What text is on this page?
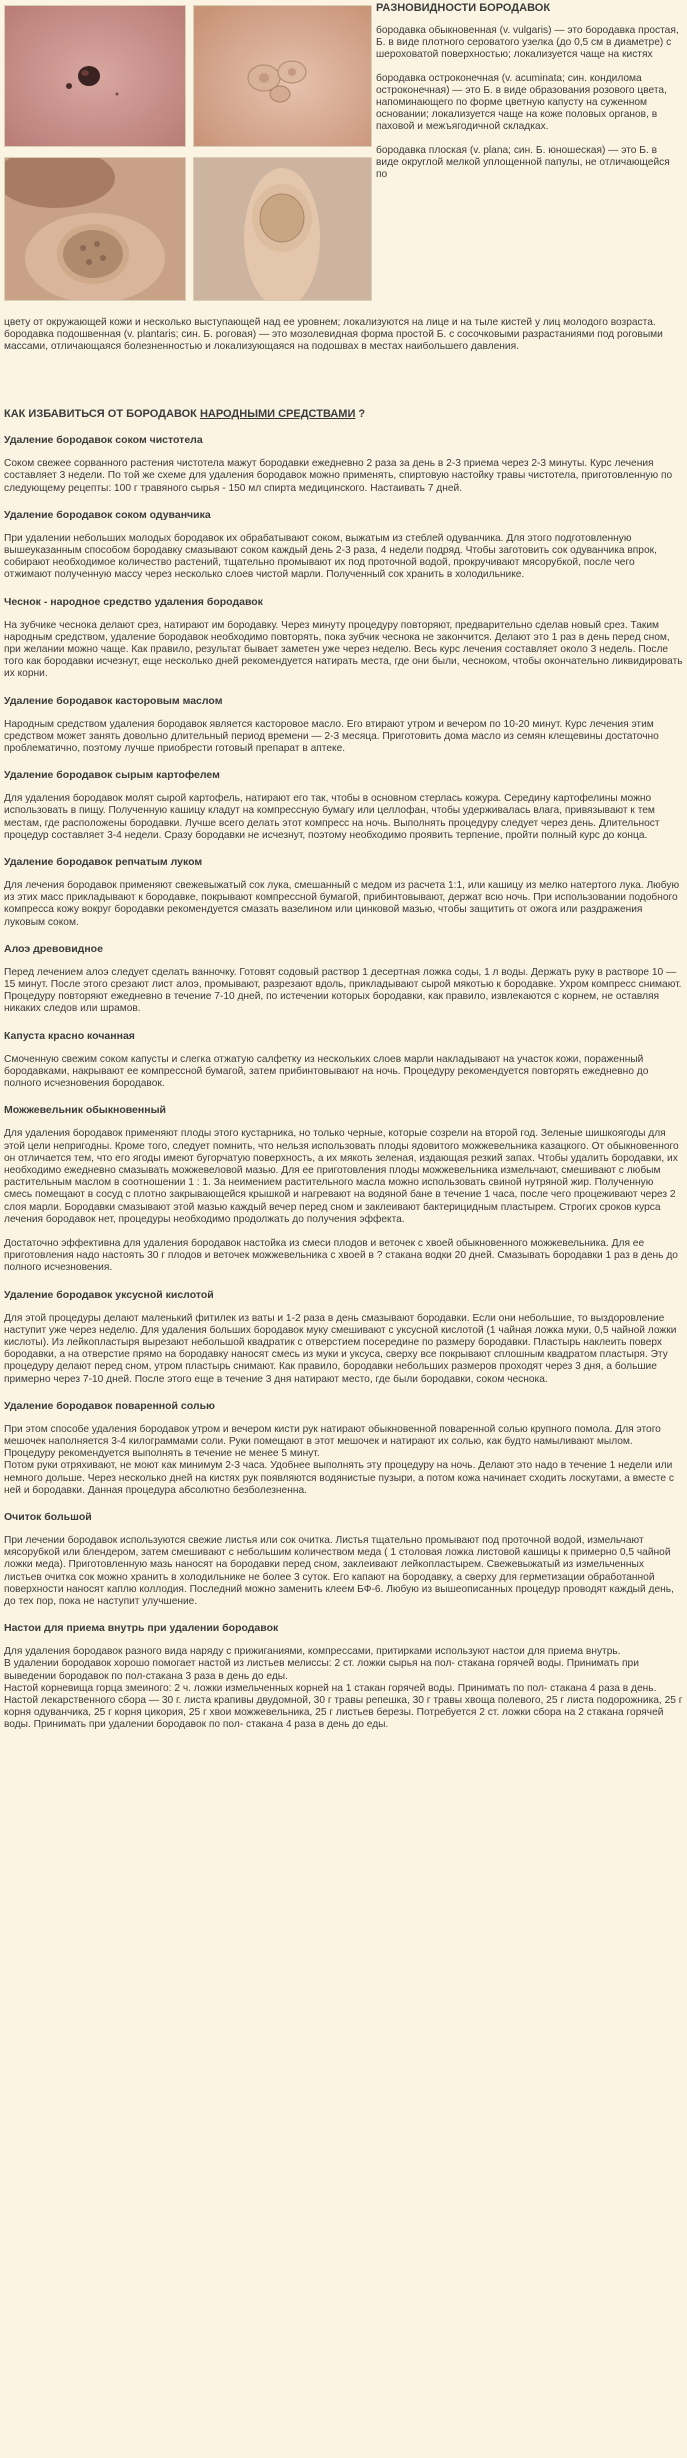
РАЗНОВИДНОСТИ БОРОДАВОК

бородавка обыкновенная (v. vulgaris) — это бородавка простая, Б. в виде плотного сероватого узелка (до 0,5 см в диаметре) с шероховатой поверхностью; локализуется чаще на кистях

бородавка остроконечная (v. acuminata; син. кондилома остроконечная) — это Б. в виде образования розового цвета, напоминающего по форме цветную капусту на суженном основании; локализуется чаще на коже половых органов, в паховой и межъягодичной складках.

бородавка плоская (v. plana; син. Б. юношеская) — это Б. в виде округлой мелкой уплощенной папулы, не отличающейся по

цвету от окружающей кожи и несколько выступающей над ее уровнем; локализуются на лице и на тыле кистей у лиц молодого возраста.

бородавка подошвенная (v. plantaris; син. Б. роговая) — это мозолевидная форма простой Б. с сосочковыми разрастаниями под роговыми массами, отличающаяся болезненностью и локализующаяся на подошвах в местах наибольшего давления.

КАК ИЗБАВИТЬСЯ ОТ БОРОДАВОК НАРОДНЫМИ СРЕДСТВАМИ ?
Удаление бородавок соком чистотела

Соком свежее сорванного растения чистотела мажут бородавки ежедневно 2 раза за день в 2-3 приема через 2-3 минуты. Курс лечения составляет 3 недели. По той же схеме для удаления бородавок можно применять, спиртовую настойку травы чистотела, приготовленную по следующему рецепты: 100 г травяного сырья - 150 мл спирта медицинского. Настаивать 7 дней.

Удаление бородавок соком одуванчика

При удалении небольших молодых бородавок их обрабатывают соком, выжатым из стеблей одуванчика. Для этого подготовленную вышеуказанным способом бородавку смазывают соком каждый день 2-3 раза, 4 недели подряд. Чтобы заготовить сок одуванчика впрок, собирают необходимое количество растений, тщательно промывают их под проточной водой, прокручивают мясорубкой, после чего отжимают полученную массу через несколько слоев чистой марли. Полученный сок хранить в холодильнике.

Чеснок - народное средство удаления бородавок

На зубчике чеснока делают срез, натирают им бородавку. Через минуту процедуру повторяют, предварительно сделав новый срез. Таким народным средством, удаление бородавок необходимо повторять, пока зубчик чеснока не закончится. Делают это 1 раз в день перед сном, при желании можно чаще. Как правило, результат бывает заметен уже через неделю. Весь курс лечения составляет около 3 недель. После того как бородавки исчезнут, еще несколько дней рекомендуется натирать места, где они были, чесноком, чтобы окончательно ликвидировать их корни.

Удаление бородавок касторовым маслом

Народным средством удаления бородавок является касторовое масло. Его втирают утром и вечером по 10-20 минут. Курс лечения этим средством может занять довольно длительный период времени — 2-3 месяца. Приготовить дома масло из семян клещевины достаточно проблематично, поэтому лучше приобрести готовый препарат в аптеке.

Удаление бородавок сырым картофелем

Для удаления бородавок молят сырой картофель, натирают его так, чтобы в основном стерлась кожура. Середину картофелины можно использовать в пищу. Полученную кашицу кладут на компрессную бумагу или целлофан, чтобы удерживалась влага, привязывают к тем местам, где расположены бородавки. Лучше всего делать этот компресс на ночь. Выполнять процедуру следует через день. Длительност процедур составляет 3-4 недели. Сразу бородавки не исчезнут, поэтому необходимо проявить терпение, пройти полный курс до конца.

Удаление бородавок репчатым луком

Для лечения бородавок применяют свежевыжатый сок лука, смешанный с медом из расчета 1:1, или кашицу из мелко натертого лука. Любую из этих масс прикладывают к бородавке, покрывают компрессной бумагой, прибинтовывают, держат всю ночь. При использовании подобного компресса кожу вокруг бородавки рекомендуется смазать вазелином или цинковой мазью, чтобы защитить от ожога или раздражения луковым соком.

Алоэ древовидное

Перед лечением алоэ следует сделать ванночку. Готовят содовый раствор 1 десертная ложка соды, 1 л воды. Держать руку в растворе 10 — 15 минут. После этого срезают лист алоэ, промывают, разрезают вдоль, прикладывают сырой мякотью к бородавке. Ухром компресс снимают. Процедуру повторяют ежедневно в течение 7-10 дней, по истечении которых бородавки, как правило, извлекаются с корнем, не оставляя никаких следов или шрамов.

Капуста красно кочанная

Смоченную свежим соком капусты и слегка отжатую салфетку из нескольких слоев марли накладывают на участок кожи, пораженный бородавками, накрывают ее компрессной бумагой, затем прибинтовывают на ночь. Процедуру рекомендуется повторять ежедневно до полного исчезновения бородавок.

Можжевельник обыкновенный

Для удаления бородавок применяют плоды этого кустарника, но только черные, которые созрели на второй год. Зеленые шишкоягоды для этой цели непригодны. Кроме того, следует помнить, что нельзя использовать плоды ядовитого можжевельника казацкого. От обыкновенного он отличается тем, что его ягоды имеют бугорчатую поверхность, а их мякоть зеленая, издающая резкий запах. Чтобы удалить бородавки, их необходимо ежедневно смазывать можжевеловой мазью. Для ее приготовления плоды можжевельника измельчают, смешивают с любым растительным маслом в соотношении 1 : 1. За неимением растительного масла можно использовать свиной нутряной жир. Полученную смесь помещают в сосуд с плотно закрывающейся крышкой и нагревают на водяной бане в течение 1 часа, после чего процеживают через 2 слоя марли. Бородавки смазывают этой мазью каждый вечер перед сном и заклеивают бактерицидным пластырем. Строгих сроков курса лечения бородавок нет, процедуры необходимо продолжать до получения эффекта.

Достаточно эффективна для удаления бородавок настойка из смеси плодов и веточек с хвоей обыкновенного можжевельника. Для ее приготовления надо настоять 30 г плодов и веточек можжевельника с хвоей в ? стакана водки 20 дней. Смазывать бородавки 1 раз в день до полного исчезновения.

Удаление бородавок уксусной кислотой

Для этой процедуры делают маленький фитилек из ваты и 1-2 раза в день смазывают бородавки. Если они небольшие, то выздоровление наступит уже через неделю. Для удаления больших бородавок муку смешивают с уксусной кислотой (1 чайная ложка муки, 0,5 чайной ложки кислоты). Из лейкопластыря вырезают небольшой квадратик с отверстием посередине по размеру бородавки. Пластырь наклеить поверх бородавки, а на отверстие прямо на бородавку наносят смесь из муки и уксуса, сверху все покрывают сплошным квадратом пластыря. Эту процедуру делают перед сном, утром пластырь снимают. Как правило, бородавки небольших размеров проходят через 3 дня, а большие примерно через 7-10 дней. После этого еще в течение 3 дня натирают место, где были бородавки, соком чеснока.

Удаление бородавок поваренной солью

При этом способе удаления бородавок утром и вечером кисти рук натирают обыкновенной поваренной солью крупного помола. Для этого мешочек наполняется 3-4 килограммами соли. Руки помещают в этот мешочек и натирают их солью, как будто намыливают мылом. Процедуру рекомендуется выполнять в течение не менее 5 минут.
Потом руки отряхивают, не моют как минимум 2-3 часа. Удобнее выполнять эту процедуру на ночь. Делают это надо в течение 1 недели или немного дольше. Через несколько дней на кистях рук появляются водянистые пузыри, а потом кожа начинает сходить лоскутами, а вместе с ней и бородавки. Данная процедура абсолютно безболезненна.

Очиток большой

При лечении бородавок используются свежие листья или сок очитка. Листья тщательно промывают под проточной водой, измельчают мясорубкой или блендером, затем смешивают с небольшим количеством меда ( 1 столовая ложка листовой кашицы к примерно 0,5 чайной ложки меда). Приготовленную мазь наносят на бородавки перед сном, заклеивают лейкопластырем. Свежевыжатый из измельченных листьев очитка сок можно хранить в холодильнике не более 3 суток. Его капают на бородавку, а сверху для герметизации обработанной поверхности наносят каплю коллодия. Последний можно заменить клеем БФ-6. Любую из вышеописанных процедур проводят каждый день, до тех пор, пока не наступит улучшение.

Настои для приема внутрь при удалении бородавок

Для удаления бородавок разного вида наряду с прижиганиями, компрессами, притирками используют настои для приема внутрь.
В удалении бородавок хорошо помогает настой из листьев мелиссы: 2 ст. ложки сырья на пол- стакана горячей воды. Принимать при выведении бородавок по пол-стакана 3 раза в день до еды.
Настой корневища горца змеиного: 2 ч. ложки измельченных корней на 1 стакан горячей воды. Принимать по пол- стакана 4 раза в день.
Настой лекарственного сбора — 30 г. листа крапивы двудомной, 30 г травы репешка, 30 г травы хвоща полевого, 25 г листа подорожника, 25 г корня одуванчика, 25 г корня цикория, 25 г хвои можжевельника, 25 г листьев березы. Потребуется 2 ст. ложки сбора на 2 стакана горячей воды. Принимать при удалении бородавок по пол- стакана 4 раза в день до еды.
